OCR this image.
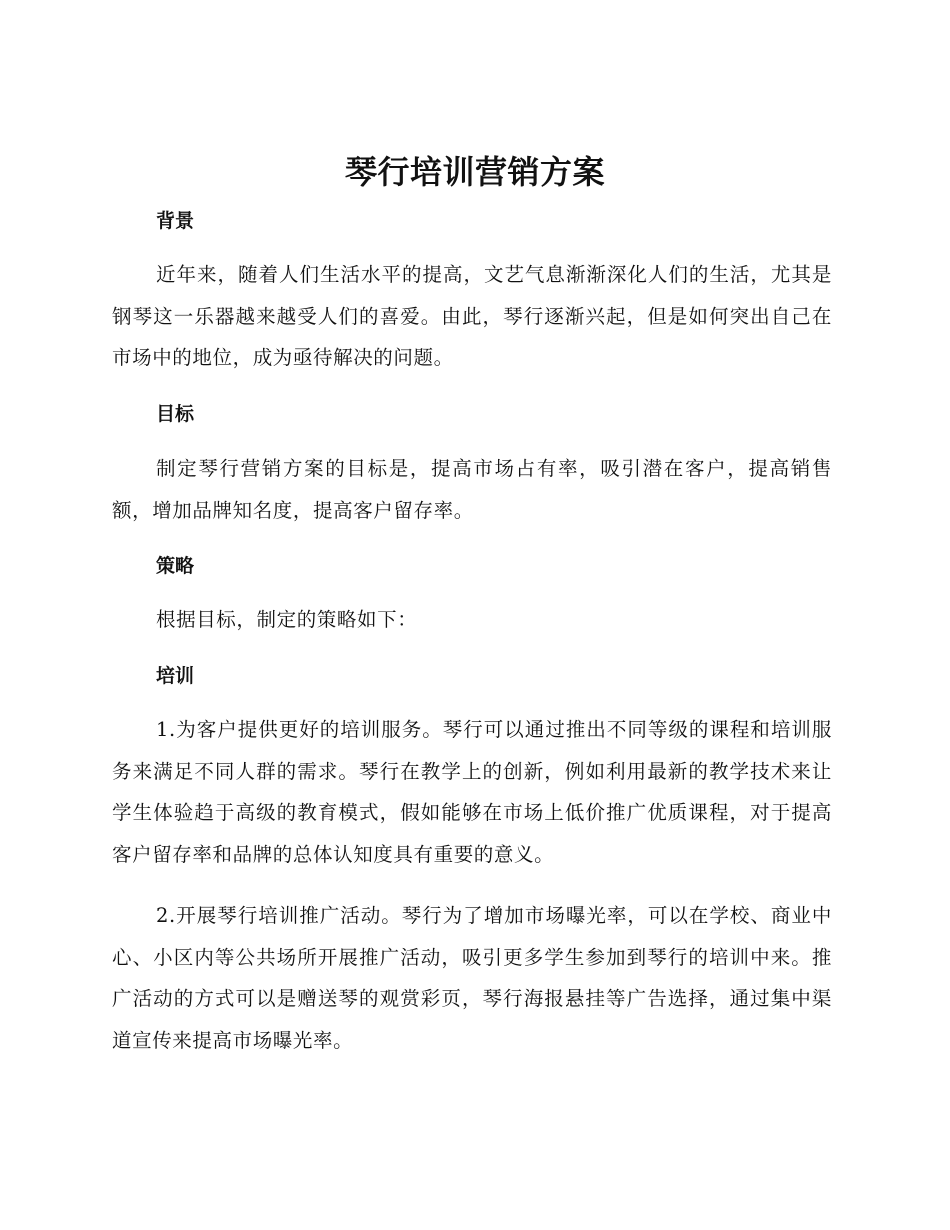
琴行培训营销方案
背景

近年来，随着人们生活水平的提高，文艺气息渐渐深化人们的生活，尤其是钢琴这一乐器越来越受人们的喜爱。由此，琴行逐渐兴起，但是如何突出自己在市场中的地位，成为亟待解决的问题。

目标

制定琴行营销方案的目标是，提高市场占有率，吸引潜在客户，提高销售额，增加品牌知名度，提高客户留存率。

策略

根据目标，制定的策略如下：

培训

1.为客户提供更好的培训服务。琴行可以通过推出不同等级的课程和培训服务来满足不同人群的需求。琴行在教学上的创新，例如利用最新的教学技术来让学生体验趋于高级的教育模式，假如能够在市场上低价推广优质课程，对于提高客户留存率和品牌的总体认知度具有重要的意义。

2.开展琴行培训推广活动。琴行为了增加市场曝光率，可以在学校、商业中心、小区内等公共场所开展推广活动，吸引更多学生参加到琴行的培训中来。推广活动的方式可以是赠送琴的观赏彩页，琴行海报悬挂等广告选择，通过集中渠道宣传来提高市场曝光率。
